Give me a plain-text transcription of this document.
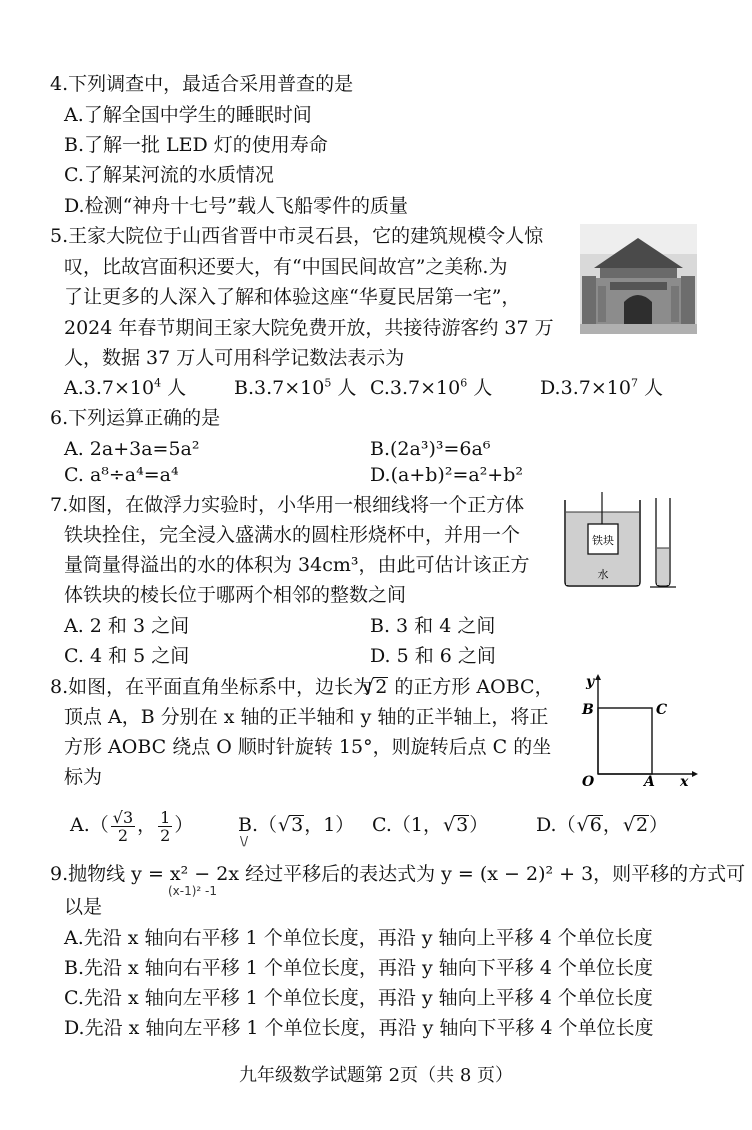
4.下列调查中，最适合采用普查的是
A.了解全国中学生的睡眠时间
B.了解一批 LED 灯的使用寿命
C.了解某河流的水质情况
D.检测“神舟十七号”载人飞船零件的质量
5.王家大院位于山西省晋中市灵石县，它的建筑规模令人惊
叹，比故宫面积还要大，有“中国民间故宫”之美称.为
了让更多的人深入了解和体验这座“华夏民居第一宅”，
2024 年春节期间王家大院免费开放，共接待游客约 37 万
人，数据 37 万人可用科学记数法表示为
$A.3.7\times 10^4$ 人	$B.3.7\times 10^5$ 人 $C.3.7\times 10^6$ 人	$D.3.7\times 10^7$ 人
6.下列运算正确的是
A. 2a+3a=5a²	B.(2a³)³=6a⁶
C. a⁸÷a⁴=a⁴	D.(a+b)²=a²+b²
7.如图，在做浮力实验时，小华用一根细线将一个正方体
铁块拴住，完全浸入盛满水的圆柱形烧杯中，并用一个
量筒量得溢出的水的体积为 34cm³，由此可估计该正方
体铁块的棱长位于哪两个相邻的整数之间
A. 2 和 3 之间	B. 3 和 4 之间
C. 4 和 5 之间	D. 5 和 6 之间
铁块
水
8.如图，在平面直角坐标系中，边长为 √ 2 的正方形 AOBC，
顶点 A，B 分别在 x 轴的正半轴和 y 轴的正半轴上，将正
方形 AOBC 绕点 O 顺时针旋转 15°，则旋转后点 C 的坐
标为
y
x
B	C
O	A
$A.( \frac{√3}{2}$ ， $\frac{1}{2}$ ） B.（ √ 3，1）
\/
C.（1， √ 3）	D.（ √ 6， √ 2）
9.抛物线 y = x² − 2x 经过平移后的表达式为 y = (x − 2)² + 3，则平移的方式可
(x-1)² -1
以是
A.先沿 x 轴向右平移 1 个单位长度，再沿 y 轴向上平移 4 个单位长度
B.先沿 x 轴向右平移 1 个单位长度，再沿 y 轴向下平移 4 个单位长度
C.先沿 x 轴向左平移 1 个单位长度，再沿 y 轴向上平移 4 个单位长度
D.先沿 x 轴向左平移 1 个单位长度，再沿 y 轴向下平移 4 个单位长度
九年级数学试题第 2页（共 8 页）
